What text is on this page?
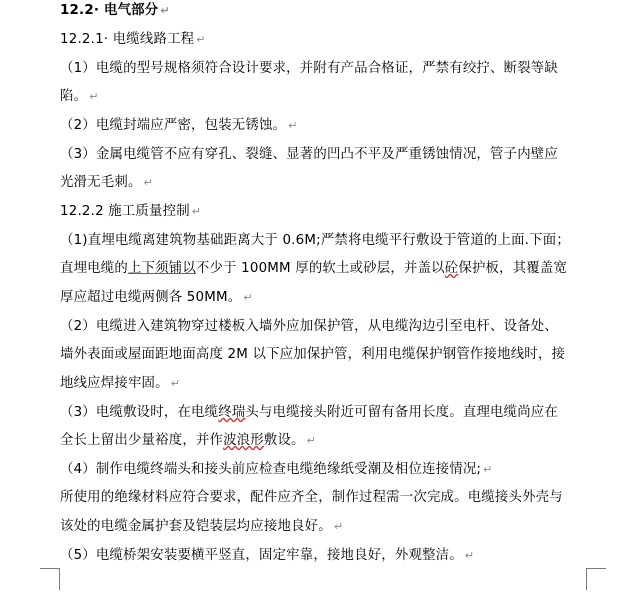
12.2· 电气部分 ↵
12.2.1· 电缆线路工程 ↵
（1）电缆的型号规格须符合设计要求，并附有产品合格证，严禁有绞拧、断裂等缺
陷。 ↵
（2）电缆封端应严密，包装无锈蚀。 ↵
（3）金属电缆管不应有穿孔、裂缝、显著的凹凸不平及严重锈蚀情况，管子内壁应
光滑无毛刺。 ↵
12.2.2 施工质量控制 ↵
（1)直埋电缆离建筑物基础距离大于 0.6M;严禁将电缆平行敷设于管道的上面.下面；
直埋电缆的上下须铺以不少于 100MM 厚的软土或砂层，并盖以砼保护板，其覆盖宽
厚应超过电缆两侧各 50MM。 ↵
（2）电缆进入建筑物穿过楼板入墙外应加保护管，从电缆沟边引至电杆、设备处、
墙外表面或屋面距地面高度 2M 以下应加保护管，利用电缆保护钢管作接地线时，接
地线应焊接牢固。 ↵
（3）电缆敷设时，在电缆终瑞头与电缆接头附近可留有备用长度。直理电缆尚应在
全长上留出少量裕度，并作波浪形敷设。 ↵
（4）制作电缆终端头和接头前应检查电缆绝缘纸受潮及相位连接情况; ↵
所使用的绝缘材料应符合要求，配件应齐全，制作过程需一次完成。电缆接头外壳与
该处的电缆金属护套及铠装层均应接地良好。 ↵
（5）电缆桥架安装要横平竖直，固定牢靠，接地良好，外观整洁。 ↵
